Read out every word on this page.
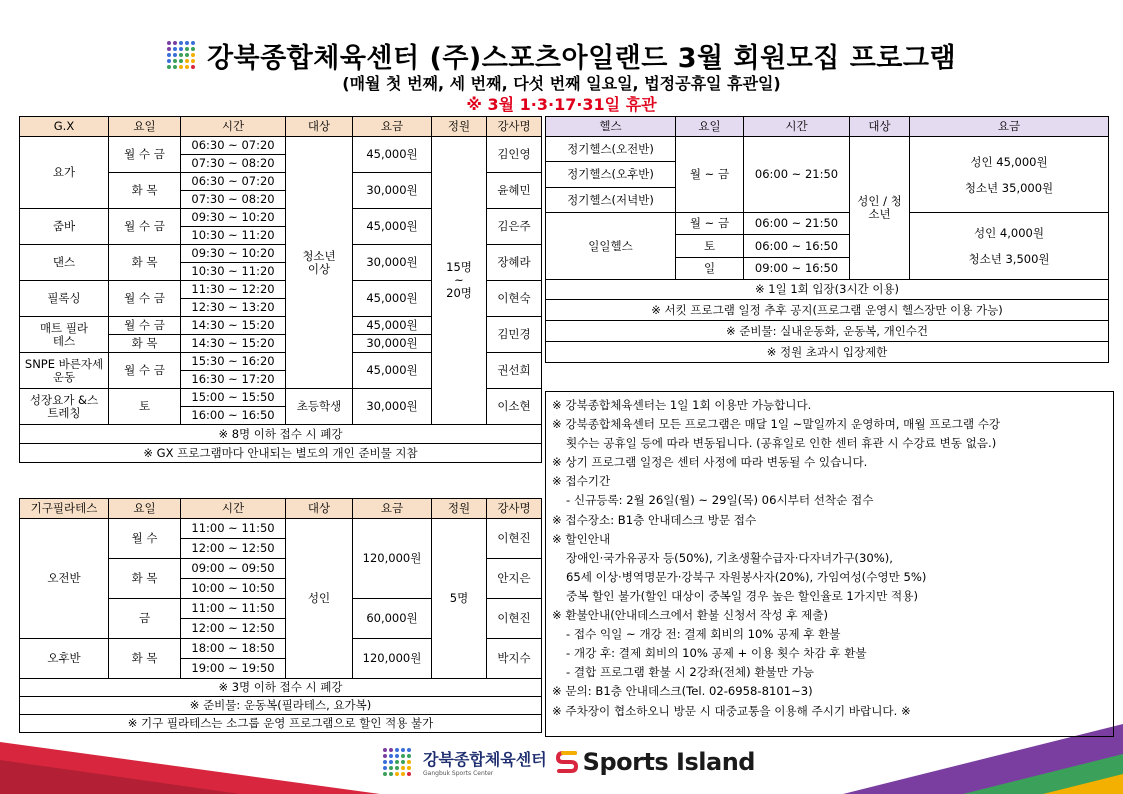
강북종합체육센터 (주)스포츠아일랜드 3월 회원모집 프로그램
(매월 첫 번째, 세 번째, 다섯 번째 일요일, 법정공휴일 휴관일)
※ 3월 1·3·17·31일 휴관
G.X	요일	시간	대상	요금	정원	강사명
요가	월 수 금	06:30 ~ 07:20	청소년 이상	45,000원	15명 ~ 20명	김인영
		07:30 ~ 08:20				
	화 목	06:30 ~ 07:20		30,000원		윤혜민
		07:30 ~ 08:20				
줌바	월 수 금	09:30 ~ 10:20		45,000원		김은주
		10:30 ~ 11:20				
댄스	화 목	09:30 ~ 10:20		30,000원		장혜라
		10:30 ~ 11:20				
필록싱	월 수 금	11:30 ~ 12:20		45,000원		이현숙
		12:30 ~ 13:20				
매트 필라테스	월 수 금	14:30 ~ 15:20		45,000원		김민경
	화 목	14:30 ~ 15:20		30,000원		
SNPE 바른자세운동	월 수 금	15:30 ~ 16:20		45,000원		권선희
		16:30 ~ 17:20				
성장요가 &스트레칭	토	15:00 ~ 15:50	초등학생	30,000원		이소현
		16:00 ~ 16:50				
※ 8명 이하 접수 시 폐강						
※ GX 프로그램마다 안내되는 별도의 개인 준비물 지참						
기구필라테스	요일	시간	대상	요금	정원	강사명
오전반	월 수	11:00 ~ 11:50	성인	120,000원	5명	이현진
		12:00 ~ 12:50				
	화 목	09:00 ~ 09:50				안지은
		10:00 ~ 10:50				
	금	11:00 ~ 11:50		60,000원		이현진
		12:00 ~ 12:50				
오후반	화 목	18:00 ~ 18:50		120,000원		박지수
		19:00 ~ 19:50				
※ 3명 이하 접수 시 폐강						
※ 준비물: 운동복(필라테스, 요가복)						
※ 기구 필라테스는 소그룹 운영 프로그램으로 할인 적용 불가						
헬스	요일	시간	대상	요금
정기헬스(오전반)	월 ~ 금	06:00 ~ 21:50	성인 / 청소년	성인 45,000원
청소년 35,000원

정기헬스(오후반)				
정기헬스(저녁반)				
일일헬스	월 ~ 금	06:00 ~ 21:50		성인 4,000원
청소년 3,500원

	토	06:00 ~ 16:50		
	일	09:00 ~ 16:50		
※ 1일 1회 입장(3시간 이용)				
※ 서킷 프로그램 일정 추후 공지(프로그램 운영시 헬스장만 이용 가능)				
※ 준비물: 실내운동화, 운동복, 개인수건				
※ 정원 초과시 입장제한				
※ 강북종합체육센터는 1일 1회 이용만 가능합니다.
※ 강북종합체육센터 모든 프로그램은 매달 1일 ~말일까지 운영하며, 매월 프로그램 수강
횟수는 공휴일 등에 따라 변동됩니다. (공휴일로 인한 센터 휴관 시 수강료 변동 없음.)
※ 상기 프로그램 일정은 센터 사정에 따라 변동될 수 있습니다.
※ 접수기간
- 신규등록: 2월 26일(월) ~ 29일(목) 06시부터 선착순 접수
※ 접수장소: B1층 안내데스크 방문 접수
※ 할인안내
장애인·국가유공자 등(50%), 기초생활수급자·다자녀가구(30%),
65세 이상·병역명문가·강북구 자원봉사자(20%), 가임여성(수영만 5%)
중복 할인 불가(할인 대상이 중복일 경우 높은 할인율로 1가지만 적용)
※ 환불안내(안내데스크에서 환불 신청서 작성 후 제출)
- 접수 익일 ~ 개강 전: 결제 회비의 10% 공제 후 환불
- 개강 후: 결제 회비의 10% 공제 + 이용 횟수 차감 후 환불
- 결합 프로그램 환불 시 2강좌(전체) 환불만 가능
※ 문의: B1층 안내데스크(Tel. 02-6958-8101~3)
※ 주차장이 협소하오니 방문 시 대중교통을 이용해 주시기 바랍니다. ※
강북종합체육센터
Gangbuk Sports Center	Sports Island
